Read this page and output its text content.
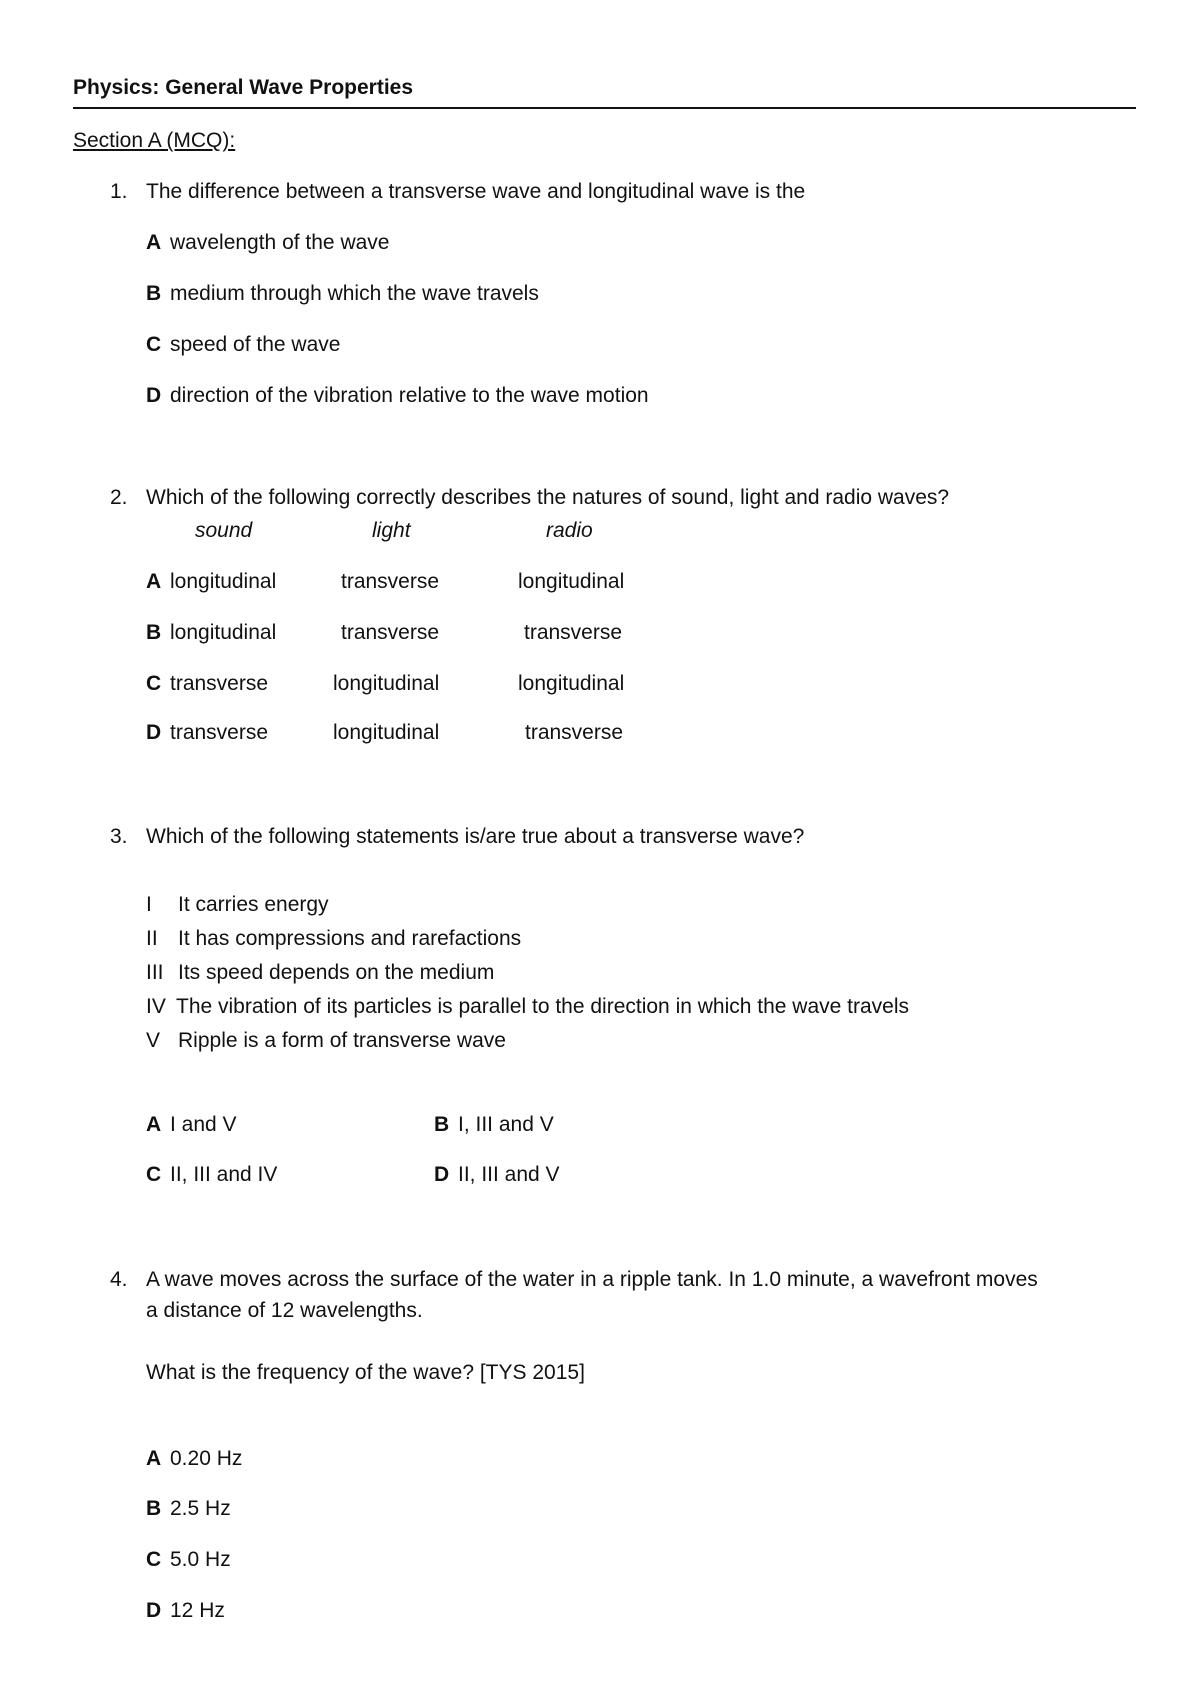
Physics: General Wave Properties
Section A (MCQ):
1. The difference between a transverse wave and longitudinal wave is the
A wavelength of the wave
B medium through which the wave travels
C speed of the wave
D direction of the vibration relative to the wave motion
2. Which of the following correctly describes the natures of sound, light and radio waves?
sound	light	radio
A longitudinal	transverse	longitudinal
B longitudinal	transverse	transverse
C transverse	longitudinal	longitudinal
D transverse	longitudinal	transverse
3. Which of the following statements is/are true about a transverse wave?
I It carries energy
II It has compressions and rarefactions
III Its speed depends on the medium
IV The vibration of its particles is parallel to the direction in which the wave travels
V Ripple is a form of transverse wave
A I and V	B I, III and V
C II, III and IV	D II, III and V
4. A wave moves across the surface of the water in a ripple tank. In 1.0 minute, a wavefront moves
a distance of 12 wavelengths.
What is the frequency of the wave? [TYS 2015]
A 0.20 Hz
B 2.5 Hz
C 5.0 Hz
D 12 Hz
